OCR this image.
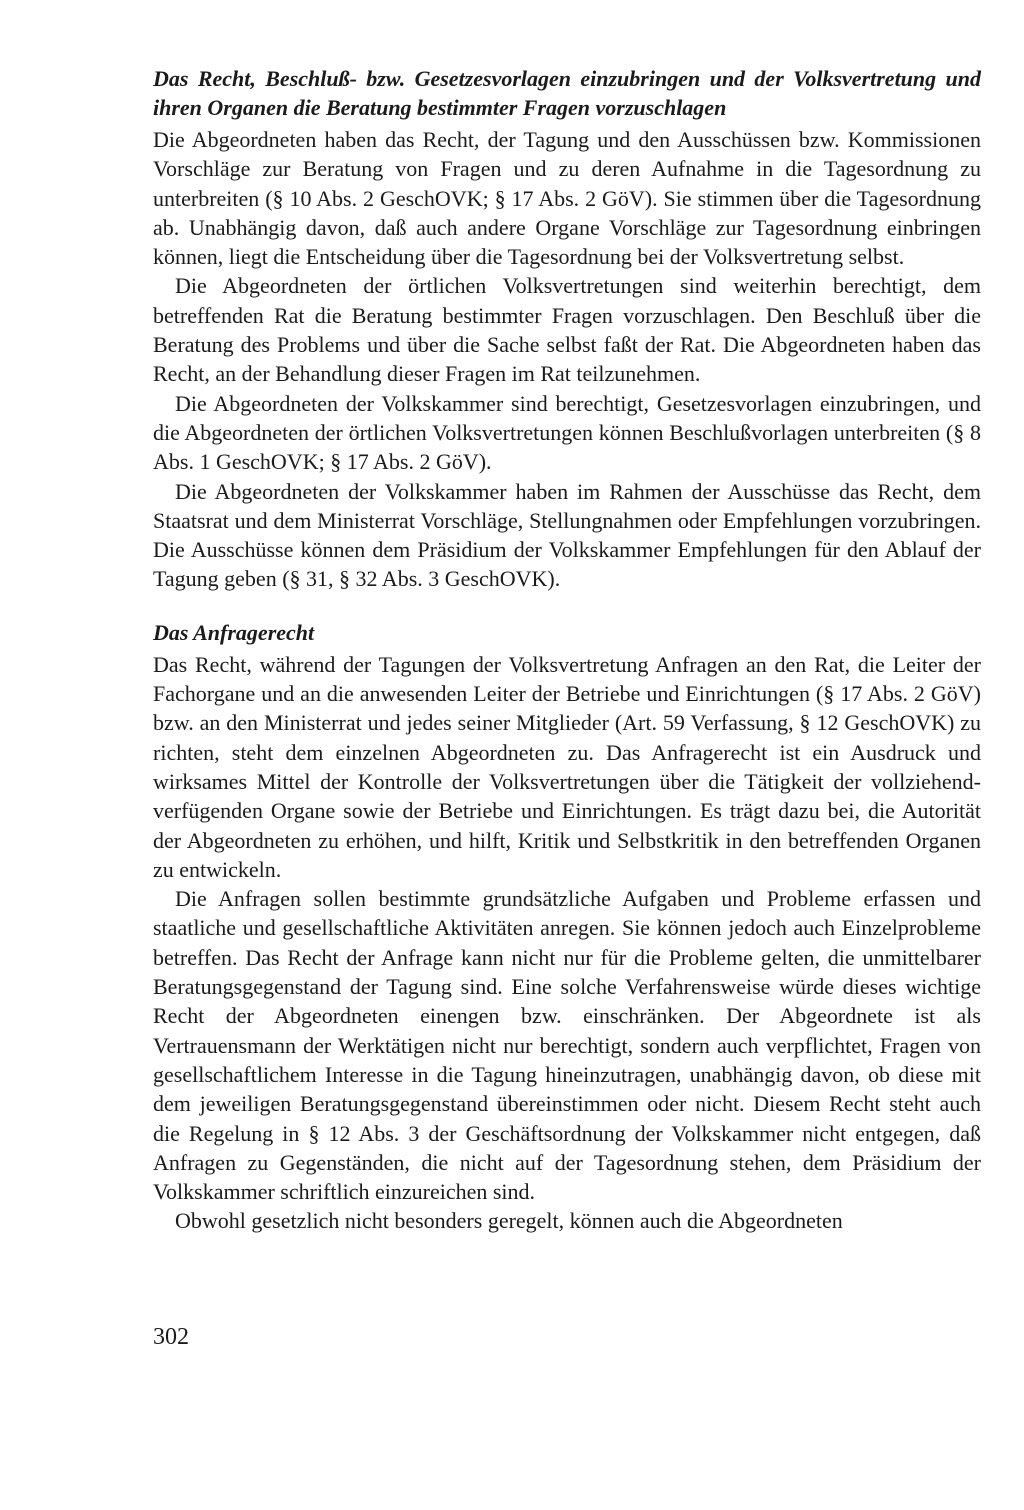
Das Recht, Beschluß- bzw. Gesetzesvorlagen einzubringen und der Volksvertretung und ihren Organen die Beratung bestimmter Fragen vorzuschlagen

Die Abgeordneten haben das Recht, der Tagung und den Ausschüssen bzw. Kommissionen Vorschläge zur Beratung von Fragen und zu deren Aufnahme in die Tagesordnung zu unterbreiten (§ 10 Abs. 2 GeschOVK; § 17 Abs. 2 GöV). Sie stimmen über die Tagesordnung ab. Unabhängig davon, daß auch andere Organe Vorschläge zur Tagesordnung einbringen können, liegt die Entscheidung über die Tagesordnung bei der Volksvertretung selbst.

Die Abgeordneten der örtlichen Volksvertretungen sind weiterhin berechtigt, dem betreffenden Rat die Beratung bestimmter Fragen vorzuschlagen. Den Beschluß über die Beratung des Problems und über die Sache selbst faßt der Rat. Die Abgeordneten haben das Recht, an der Behandlung dieser Fragen im Rat teilzunehmen.

Die Abgeordneten der Volkskammer sind berechtigt, Gesetzesvorlagen einzubringen, und die Abgeordneten der örtlichen Volksvertretungen können Beschlußvorlagen unterbreiten (§ 8 Abs. 1 GeschOVK; § 17 Abs. 2 GöV).

Die Abgeordneten der Volkskammer haben im Rahmen der Ausschüsse das Recht, dem Staatsrat und dem Ministerrat Vorschläge, Stellungnahmen oder Empfehlungen vorzubringen. Die Ausschüsse können dem Präsidium der Volkskammer Empfehlungen für den Ablauf der Tagung geben (§ 31, § 32 Abs. 3 GeschOVK).

Das Anfragerecht

Das Recht, während der Tagungen der Volksvertretung Anfragen an den Rat, die Leiter der Fachorgane und an die anwesenden Leiter der Betriebe und Einrichtungen (§ 17 Abs. 2 GöV) bzw. an den Ministerrat und jedes seiner Mitglieder (Art. 59 Verfassung, § 12 GeschOVK) zu richten, steht dem einzelnen Abgeordneten zu. Das Anfragerecht ist ein Ausdruck und wirksames Mittel der Kontrolle der Volksvertretungen über die Tätigkeit der vollziehend-verfügenden Organe sowie der Betriebe und Einrichtungen. Es trägt dazu bei, die Autorität der Abgeordneten zu erhöhen, und hilft, Kritik und Selbstkritik in den betreffenden Organen zu entwickeln.

Die Anfragen sollen bestimmte grundsätzliche Aufgaben und Probleme erfassen und staatliche und gesellschaftliche Aktivitäten anregen. Sie können jedoch auch Einzelprobleme betreffen. Das Recht der Anfrage kann nicht nur für die Probleme gelten, die unmittelbarer Beratungsgegenstand der Tagung sind. Eine solche Verfahrensweise würde dieses wichtige Recht der Abgeordneten einengen bzw. einschränken. Der Abgeordnete ist als Vertrauensmann der Werktätigen nicht nur berechtigt, sondern auch verpflichtet, Fragen von gesellschaftlichem Interesse in die Tagung hineinzutragen, unabhängig davon, ob diese mit dem jeweiligen Beratungsgegenstand übereinstimmen oder nicht. Diesem Recht steht auch die Regelung in § 12 Abs. 3 der Geschäftsordnung der Volkskammer nicht entgegen, daß Anfragen zu Gegenständen, die nicht auf der Tagesordnung stehen, dem Präsidium der Volkskammer schriftlich einzureichen sind.

Obwohl gesetzlich nicht besonders geregelt, können auch die Abgeordneten

302
